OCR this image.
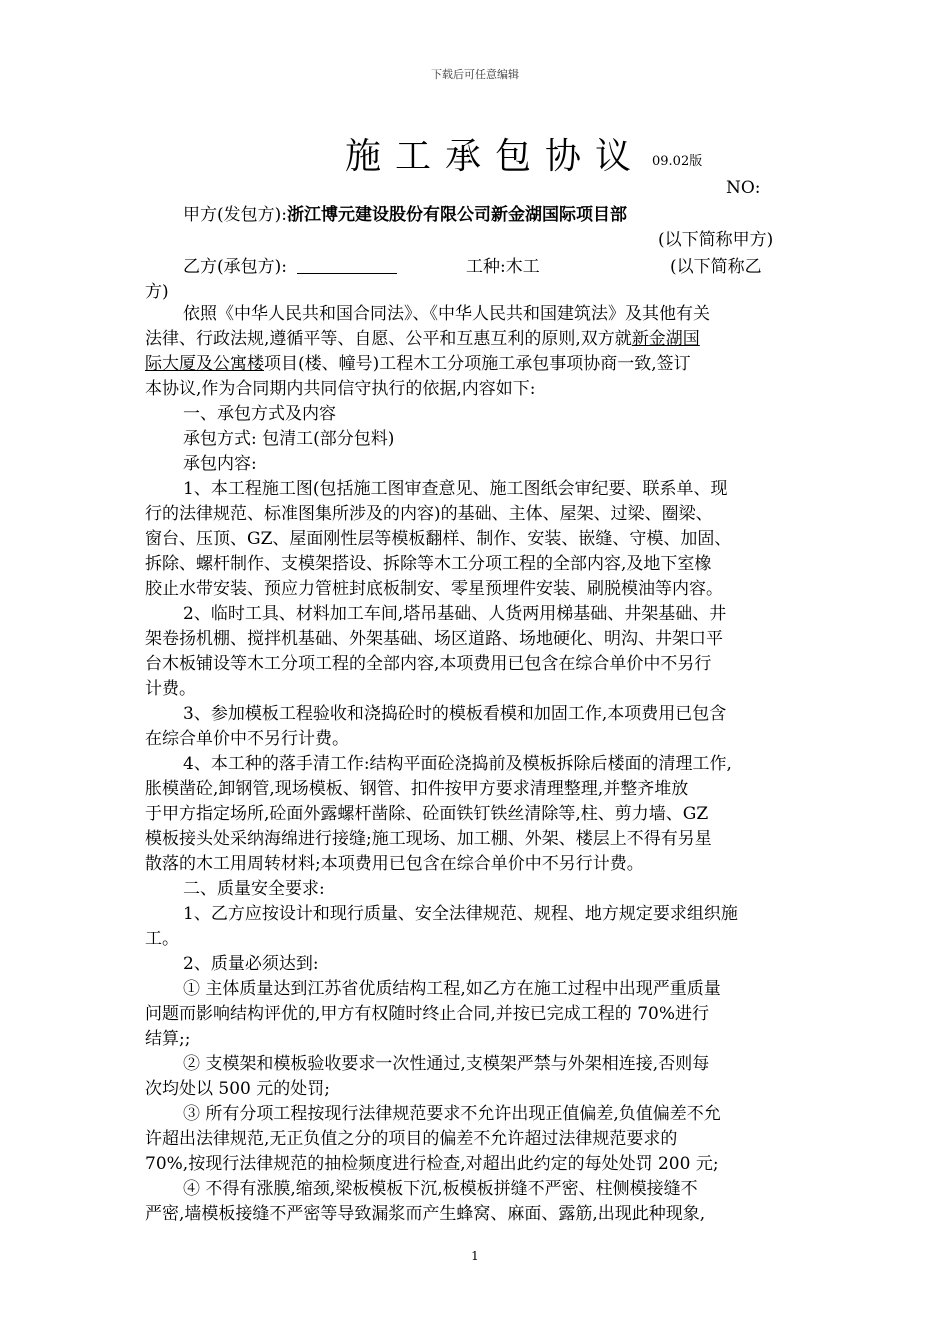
下载后可任意编辑
施工承包协议 09.02版
NO:
甲方(发包方):浙江博元建设股份有限公司新金湖国际项目部
(以下简称甲方)
乙方(承包方):	工种:木工	(以下简称乙
方)
依照《中华人民共和国合同法》、《中华人民共和国建筑法》及其他有关
法律、行政法规,遵循平等、自愿、公平和互惠互利的原则,双方就新金湖国
际大厦及公寓楼项目(楼、幢号)工程木工分项施工承包事项协商一致,签订
本协议,作为合同期内共同信守执行的依据,内容如下:
一、承包方式及内容
承包方式: 包清工(部分包料)
承包内容:
1、本工程施工图(包括施工图审查意见、施工图纸会审纪要、联系单、现
行的法律规范、标准图集所涉及的内容)的基础、主体、屋架、过梁、圈梁、
窗台、压顶、GZ、屋面刚性层等模板翻样、制作、安装、嵌缝、守模、加固、
拆除、螺杆制作、支模架搭设、拆除等木工分项工程的全部内容,及地下室橡
胶止水带安装、预应力管桩封底板制安、零星预埋件安装、刷脱模油等内容。
2、临时工具、材料加工车间,塔吊基础、人货两用梯基础、井架基础、井
架卷扬机棚、搅拌机基础、外架基础、场区道路、场地硬化、明沟、井架口平
台木板铺设等木工分项工程的全部内容,本项费用已包含在综合单价中不另行
计费。
3、参加模板工程验收和浇捣砼时的模板看模和加固工作,本项费用已包含
在综合单价中不另行计费。
4、本工种的落手清工作:结构平面砼浇捣前及模板拆除后楼面的清理工作,
胀模凿砼,卸钢管,现场模板、钢管、扣件按甲方要求清理整理,并整齐堆放
于甲方指定场所,砼面外露螺杆凿除、砼面铁钉铁丝清除等,柱、剪力墙、GZ
模板接头处采纳海绵进行接缝;施工现场、加工棚、外架、楼层上不得有另星
散落的木工用周转材料;本项费用已包含在综合单价中不另行计费。
二、质量安全要求:
1、乙方应按设计和现行质量、安全法律规范、规程、地方规定要求组织施
工。
2、质量必须达到:
① 主体质量达到江苏省优质结构工程,如乙方在施工过程中出现严重质量
问题而影响结构评优的,甲方有权随时终止合同,并按已完成工程的 70%进行
结算;;
② 支模架和模板验收要求一次性通过,支模架严禁与外架相连接,否则每
次均处以 500 元的处罚;
③ 所有分项工程按现行法律规范要求不允许出现正值偏差,负值偏差不允
许超出法律规范,无正负值之分的项目的偏差不允许超过法律规范要求的
70%,按现行法律规范的抽检频度进行检查,对超出此约定的每处处罚 200 元;
④ 不得有涨膜,缩颈,梁板模板下沉,板模板拼缝不严密、柱侧模接缝不
严密,墙模板接缝不严密等导致漏浆而产生蜂窝、麻面、露筋,出现此种现象,
1
